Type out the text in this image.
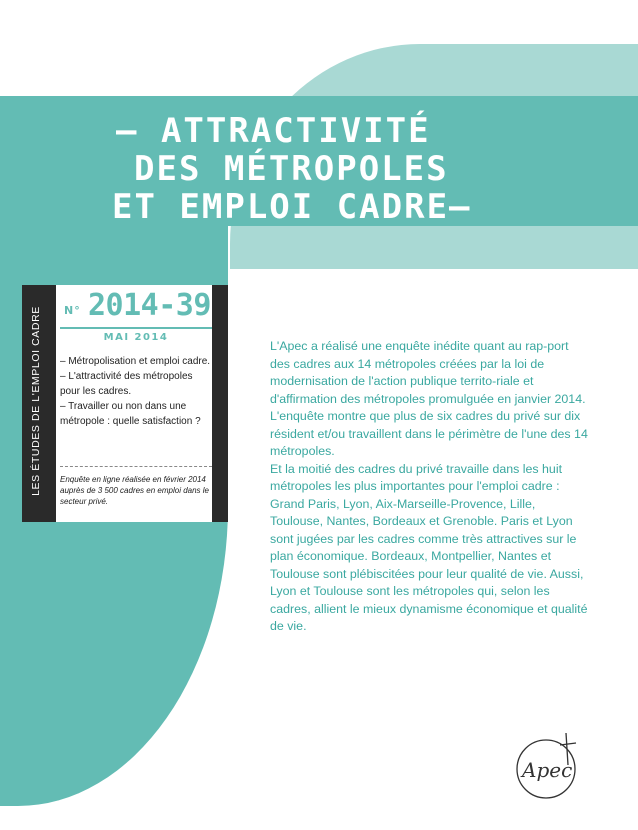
– ATTRACTIVITÉ
DES MÉTROPOLES
ET EMPLOI CADRE–
LES ÉTUDES DE L'EMPLOI CADRE N° 2014-39
MAI 2014
– Métropolisation et emploi cadre.
– L'attractivité des métropoles pour les cadres.
– Travailler ou non dans une métropole : quelle satisfaction ?
Enquête en ligne réalisée en février 2014 auprès de 3 500 cadres en emploi dans le secteur privé.

L'Apec a réalisé une enquête inédite quant au rap-port des cadres aux 14 métropoles créées par la loi de modernisation de l'action publique territo-riale et d'affirmation des métropoles promulguée en janvier 2014. L'enquête montre que plus de six cadres du privé sur dix résident et/ou travaillent dans le périmètre de l'une des 14 métropoles.

Et la moitié des cadres du privé travaille dans les huit métropoles les plus importantes pour l'emploi cadre : Grand Paris, Lyon, Aix-Marseille-Provence, Lille, Toulouse, Nantes, Bordeaux et Grenoble. Paris et Lyon sont jugées par les cadres comme très attractives sur le plan économique. Bordeaux, Montpellier, Nantes et Toulouse sont plébiscitées pour leur qualité de vie. Aussi, Lyon et Toulouse sont les métropoles qui, selon les cadres, allient le mieux dynamisme économique et qualité de vie.

Apec
